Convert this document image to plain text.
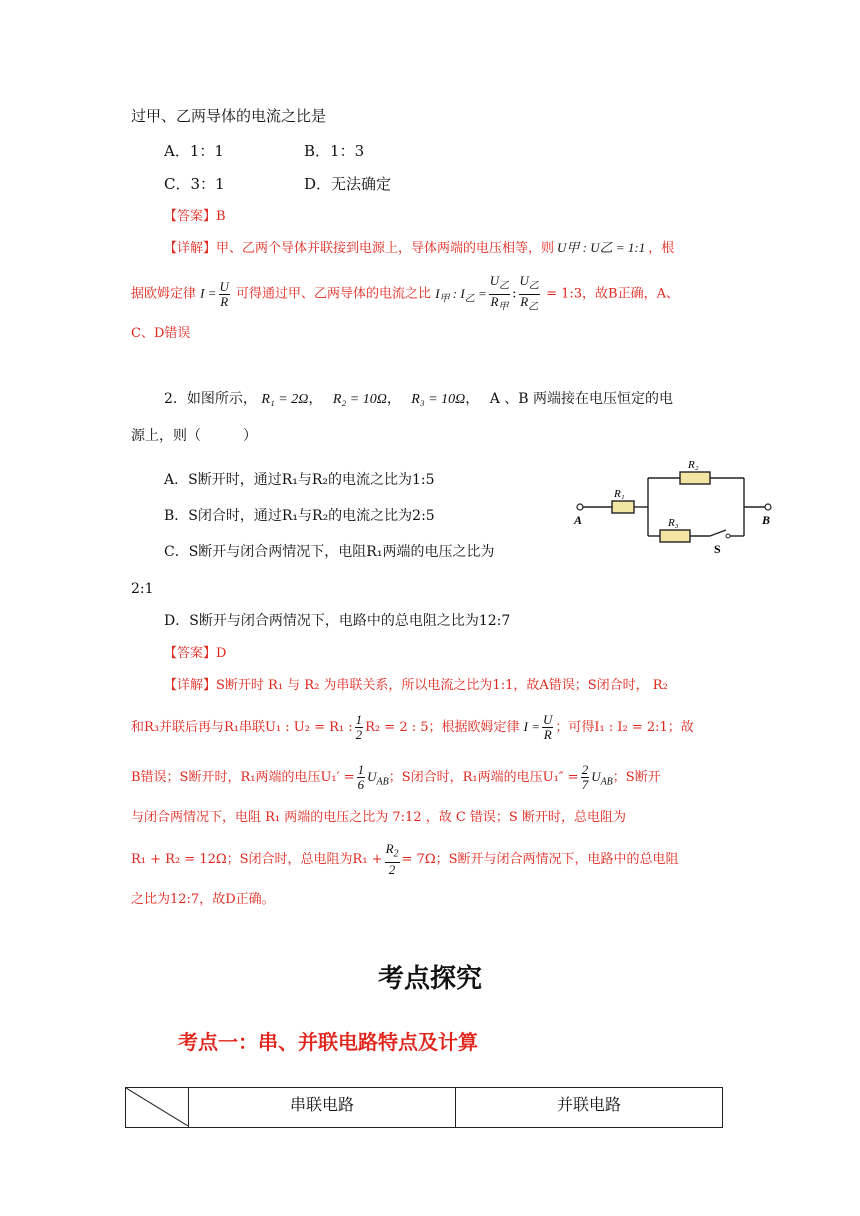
过甲、乙两导体的电流之比是
A．1：1	B．1：3
C．3：1	D．无法确定
【答案】B
【详解】甲、乙两个导体并联接到电源上，导体两端的电压相等，则 U甲 : U乙 = 1:1 ，根
据欧姆定律 $I = \frac{U}{R}$ 可得通过甲、乙两导体的电流之比 $I_甲$ : $I_乙 = \frac{U_乙}{R_甲}$ : $\frac{U_乙}{R_乙}$ = 1:3，故B正确，A、
C、D错误
2．如图所示， R₁ = 2Ω， R₂ = 10Ω， R₃ = 10Ω， A 、B 两端接在电压恒定的电
源上，则（　　　）
A．S断开时，通过R₁与R₂的电流之比为1:5
B．S闭合时，通过R₁与R₂的电流之比为2:5
C．S断开与闭合两情况下，电阻R₁两端的电压之比为
2:1
D．S断开与闭合两情况下，电路中的总电阻之比为12:7
R₁
R₂
R₃
A	B
S
【答案】D
【详解】S断开时 R₁ 与 R₂ 为串联关系，所以电流之比为1:1，故A错误；S闭合时， R₂
和R₃并联后再与R₁串联U₁ : U₂ = R₁ : $\frac{1}{2} R_2 = 2$ : 5；根据欧姆定律 $I = \frac{U}{R}$ ；可得I₁ : I₂ = 2:1；故
B错误；S断开时，R₁两端的电压$U_1' = \frac{1}{6} U_{AB}$；S闭合时，R₁两端的电压$U_1'' = \frac{2}{7} U_{AB}$；S断开
与闭合两情况下，电阻 R₁ 两端的电压之比为 7:12 ，故 C 错误；S 断开时，总电阻为
R₁ + R₂ = 12Ω；S闭合时，总电阻为$R_1 + \frac{R_2}{2} = 7\Omega$；S断开与闭合两情况下，电路中的总电阻
之比为12:7，故D正确。
考点探究
考点一：串、并联电路特点及计算
	串联电路	并联电路
